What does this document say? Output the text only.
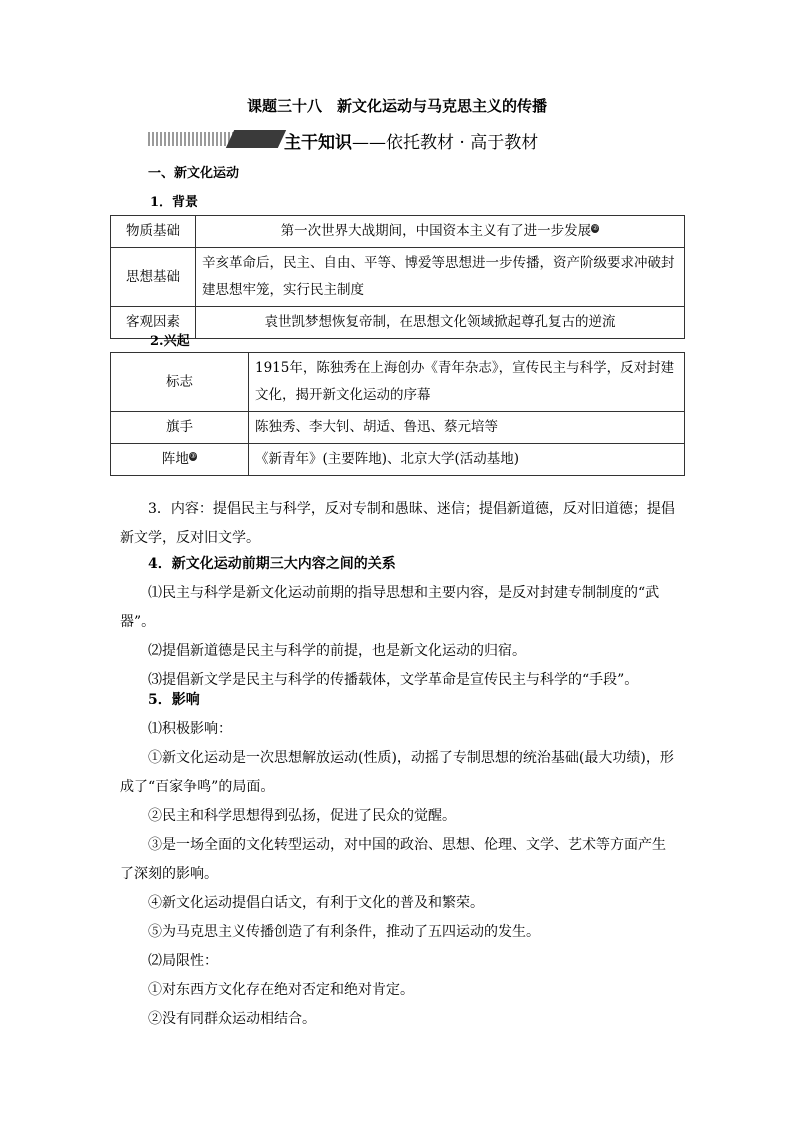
课题三十八　新文化运动与马克思主义的传播
主干知识——依托教材 · 高于教材
一、新文化运动
1．背景
物质基础	第一次世界大战期间，中国资本主义有了进一步发展②
思想基础	辛亥革命后，民主、自由、平等、博爱等思想进一步传播，资产阶级要求冲破封建思想牢笼，实行民主制度
客观因素	袁世凯梦想恢复帝制，在思想文化领域掀起尊孔复古的逆流
2.兴起
标志	1915年，陈独秀在上海创办《青年杂志》，宣传民主与科学，反对封建文化，揭开新文化运动的序幕
旗手	陈独秀、李大钊、胡适、鲁迅、蔡元培等
阵地③	《新青年》(主要阵地)、北京大学(活动基地)

3．内容：提倡民主与科学，反对专制和愚昧、迷信；提倡新道德，反对旧道德；提倡新文学，反对旧文学。

4．新文化运动前期三大内容之间的关系

⑴民主与科学是新文化运动前期的指导思想和主要内容，是反对封建专制制度的“武器”。

⑵提倡新道德是民主与科学的前提，也是新文化运动的归宿。

⑶提倡新文学是民主与科学的传播载体，文学革命是宣传民主与科学的“手段”。

5．影响

⑴积极影响：

①新文化运动是一次思想解放运动(性质)，动摇了专制思想的统治基础(最大功绩)，形成了“百家争鸣”的局面。

②民主和科学思想得到弘扬，促进了民众的觉醒。

③是一场全面的文化转型运动，对中国的政治、思想、伦理、文学、艺术等方面产生了深刻的影响。

④新文化运动提倡白话文，有利于文化的普及和繁荣。

⑤为马克思主义传播创造了有利条件，推动了五四运动的发生。

⑵局限性：

①对东西方文化存在绝对否定和绝对肯定。

②没有同群众运动相结合。
